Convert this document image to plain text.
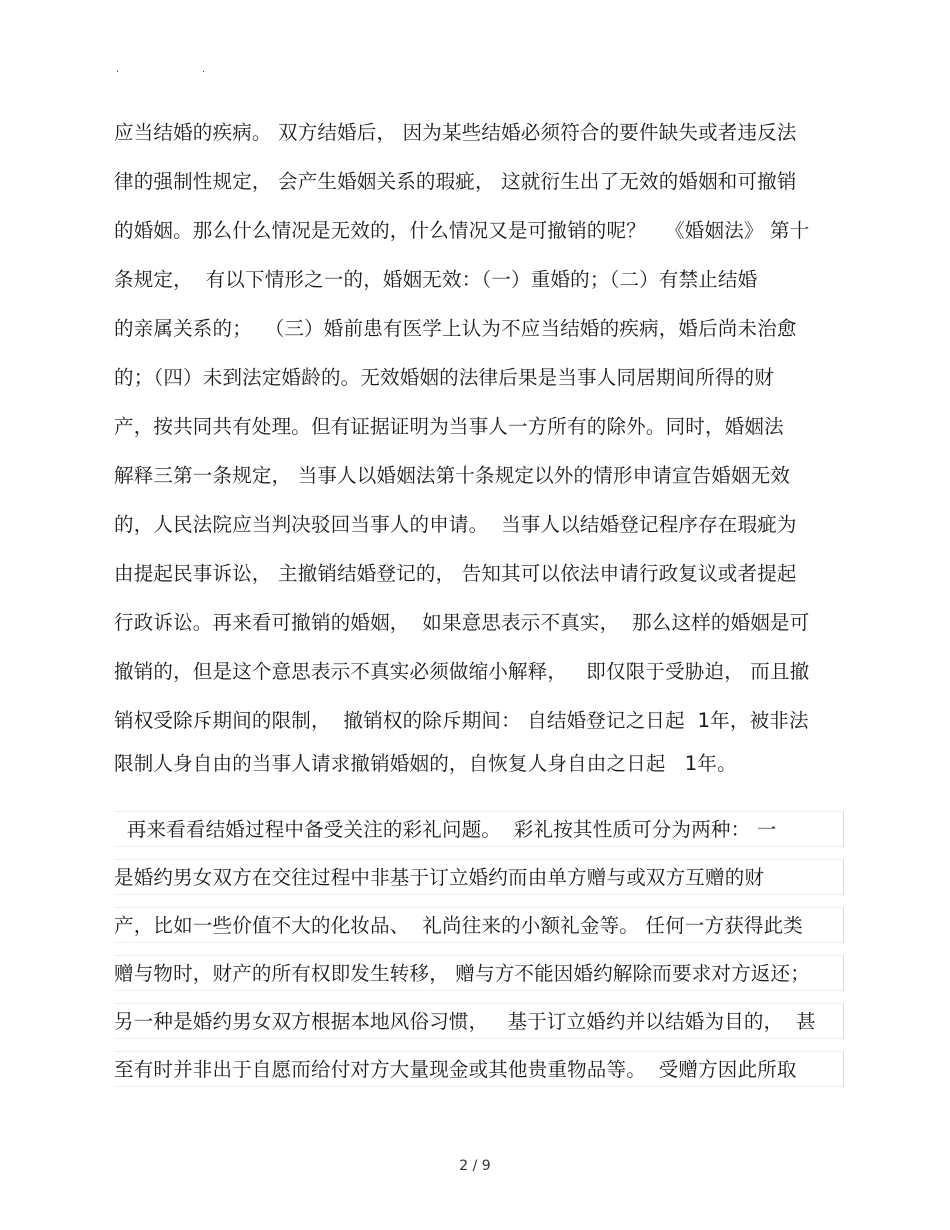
.	.
应当结婚的疾病。 双方结婚后， 因为某些结婚必须符合的要件缺失或者违反法
律的强制性规定， 会产生婚姻关系的瑕疵， 这就衍生出了无效的婚姻和可撤销
的婚姻。那么什么情况是无效的，什么情况又是可撤销的呢？   《婚姻法》 第十
条规定，  有以下情形之一的，婚姻无效：（一）重婚的；（二）有禁止结婚
的亲属关系的；  （三）婚前患有医学上认为不应当结婚的疾病，婚后尚未治愈
的；（四）未到法定婚龄的。无效婚姻的法律后果是当事人同居期间所得的财
产，按共同共有处理。但有证据证明为当事人一方所有的除外。同时，婚姻法
解释三第一条规定， 当事人以婚姻法第十条规定以外的情形申请宣告婚姻无效
的，人民法院应当判决驳回当事人的申请。  当事人以结婚登记程序存在瑕疵为
由提起民事诉讼， 主撤销结婚登记的， 告知其可以依法申请行政复议或者提起
行政诉讼。再来看可撤销的婚姻，  如果意思表示不真实，  那么这样的婚姻是可
撤销的，但是这个意思表示不真实必须做缩小解释，   即仅限于受胁迫， 而且撤
销权受除斥期间的限制，  撤销权的除斥期间： 自结婚登记之日起  1年，被非法
限制人身自由的当事人请求撤销婚姻的，自恢复人身自由之日起   1年。
再来看看结婚过程中备受关注的彩礼问题。  彩礼按其性质可分为两种： 一
是婚约男女双方在交往过程中非基于订立婚约而由单方赠与或双方互赠的财
产，比如一些价值不大的化妆品、  礼尚往来的小额礼金等。 任何一方获得此类
赠与物时，财产的所有权即发生转移， 赠与方不能因婚约解除而要求对方返还；
另一种是婚约男女双方根据本地风俗习惯，   基于订立婚约并以结婚为目的，  甚
至有时并非出于自愿而给付对方大量现金或其他贵重物品等。  受赠方因此所取
2 / 9
